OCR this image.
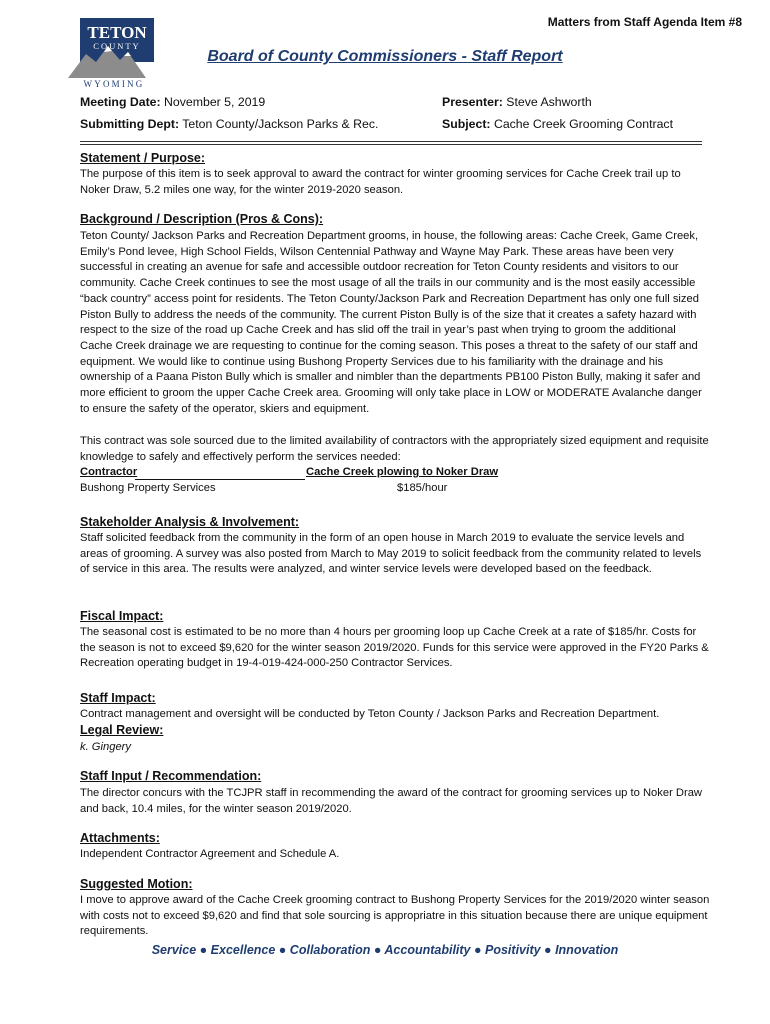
Matters from Staff Agenda Item #8
TETON
COUNTY
WYOMING
Board of County Commissioners - Staff Report
Meeting Date: November 5, 2019	Presenter: Steve Ashworth
Submitting Dept: Teton County/Jackson Parks & Rec.	Subject: Cache Creek Grooming Contract
Statement / Purpose:
The purpose of this item is to seek approval to award the contract for winter grooming services for Cache Creek trail up to Noker Draw, 5.2 miles one way, for the winter 2019-2020 season.
Background / Description (Pros & Cons):
Teton County/ Jackson Parks and Recreation Department grooms, in house, the following areas: Cache Creek, Game Creek, Emily’s Pond levee, High School Fields, Wilson Centennial Pathway and Wayne May Park. These areas have been very successful in creating an avenue for safe and accessible outdoor recreation for Teton County residents and visitors to our community. Cache Creek continues to see the most usage of all the trails in our community and is the most easily accessible “back country” access point for residents. The Teton County/Jackson Park and Recreation Department has only one full sized Piston Bully to address the needs of the community. The current Piston Bully is of the size that it creates a safety hazard with respect to the size of the road up Cache Creek and has slid off the trail in year’s past when trying to groom the additional Cache Creek drainage we are requesting to continue for the coming season. This poses a threat to the safety of our staff and equipment. We would like to continue using Bushong Property Services due to his familiarity with the drainage and his ownership of a Paana Piston Bully which is smaller and nimbler than the departments PB100 Piston Bully, making it safer and more efficient to groom the upper Cache Creek area. Grooming will only take place in LOW or MODERATE Avalanche danger to ensure the safety of the operator, skiers and equipment.
This contract was sole sourced due to the limited availability of contractors with the appropriately sized equipment and requisite knowledge to safely and effectively perform the services needed:
Contractor	Cache Creek plowing to Noker Draw
Bushong Property Services	$185/hour
Stakeholder Analysis & Involvement:
Staff solicited feedback from the community in the form of an open house in March 2019 to evaluate the service levels and areas of grooming. A survey was also posted from March to May 2019 to solicit feedback from the community related to levels of service in this area. The results were analyzed, and winter service levels were developed based on the feedback.
Fiscal Impact:
The seasonal cost is estimated to be no more than 4 hours per grooming loop up Cache Creek at a rate of $185/hr. Costs for the season is not to exceed $9,620 for the winter season 2019/2020. Funds for this service were approved in the FY20 Parks & Recreation operating budget in 19-4-019-424-000-250 Contractor Services.
Staff Impact:
Contract management and oversight will be conducted by Teton County / Jackson Parks and Recreation Department.
Legal Review:
k. Gingery
Staff Input / Recommendation:
The director concurs with the TCJPR staff in recommending the award of the contract for grooming services up to Noker Draw and back, 10.4 miles, for the winter season 2019/2020.
Attachments:
Independent Contractor Agreement and Schedule A.
Suggested Motion:
I move to approve award of the Cache Creek grooming contract to Bushong Property Services for the 2019/2020 winter season with costs not to exceed $9,620 and find that sole sourcing is appropriatre in this situation because there are unique equipment requirements.
Service ● Excellence ● Collaboration ● Accountability ● Positivity ● Innovation
